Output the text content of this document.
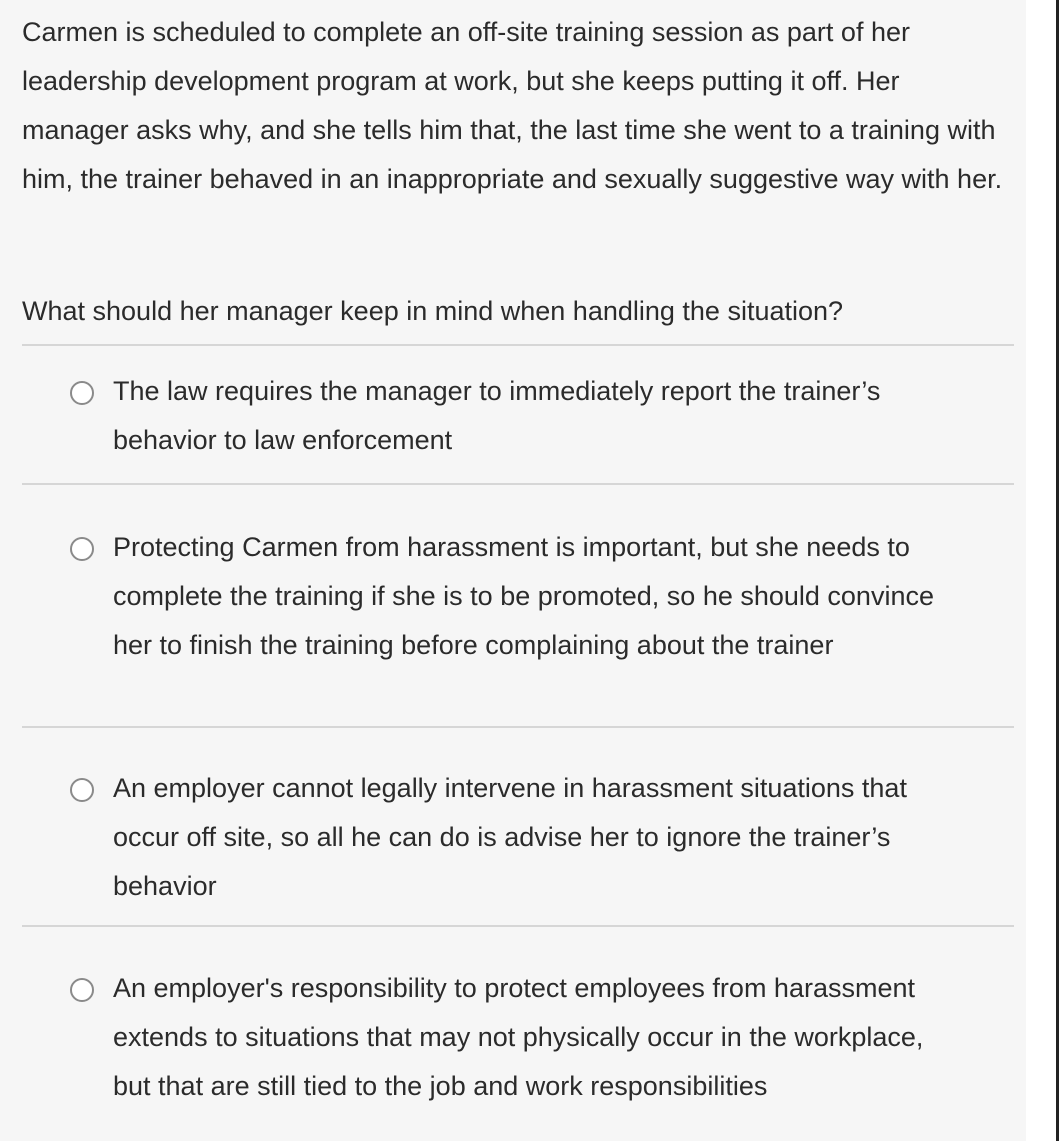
Carmen is scheduled to complete an off-site training session as part of her leadership development program at work, but she keeps putting it off. Her manager asks why, and she tells him that, the last time she went to a training with him, the trainer behaved in an inappropriate and sexually suggestive way with her.
What should her manager keep in mind when handling the situation?
The law requires the manager to immediately report the trainer’s behavior to law enforcement
Protecting Carmen from harassment is important, but she needs to complete the training if she is to be promoted, so he should convince her to finish the training before complaining about the trainer
An employer cannot legally intervene in harassment situations that occur off site, so all he can do is advise her to ignore the trainer’s behavior
An employer's responsibility to protect employees from harassment extends to situations that may not physically occur in the workplace, but that are still tied to the job and work responsibilities
